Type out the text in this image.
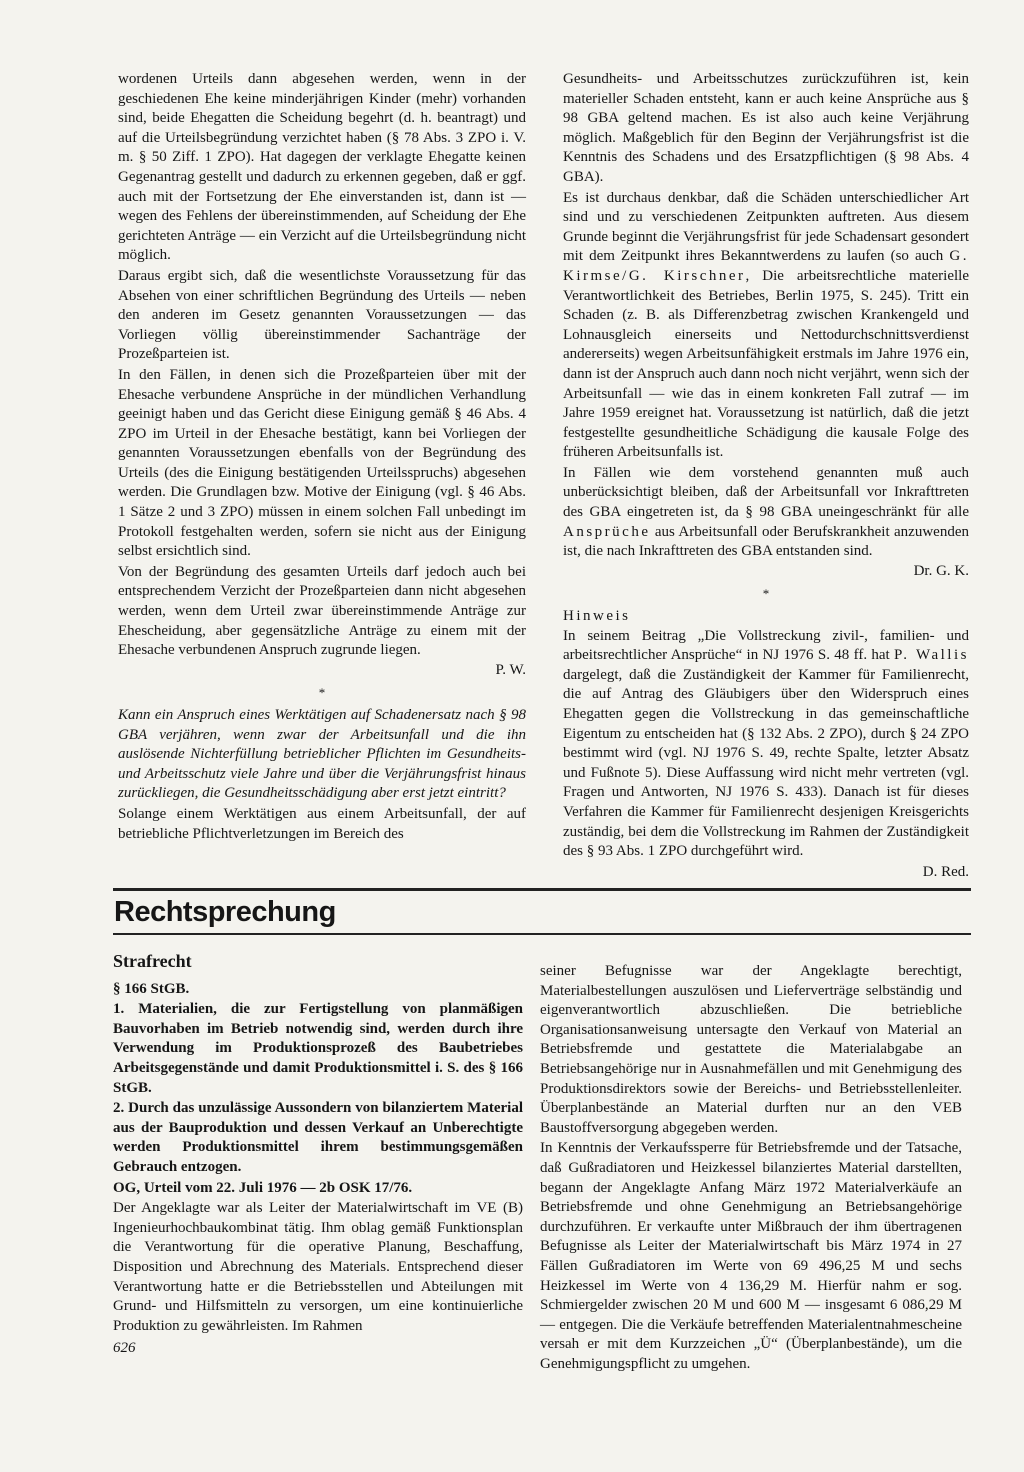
wordenen Urteils dann abgesehen werden, wenn in der geschiedenen Ehe keine minderjährigen Kinder (mehr) vorhanden sind, beide Ehegatten die Scheidung begehrt (d. h. beantragt) und auf die Urteilsbegründung verzichtet haben (§ 78 Abs. 3 ZPO i. V. m. § 50 Ziff. 1 ZPO). Hat dagegen der verklagte Ehegatte keinen Gegenantrag gestellt und dadurch zu erkennen gegeben, daß er ggf. auch mit der Fortsetzung der Ehe einverstanden ist, dann ist — wegen des Fehlens der übereinstimmenden, auf Scheidung der Ehe gerichteten Anträge — ein Verzicht auf die Urteilsbegründung nicht möglich.

Daraus ergibt sich, daß die wesentlichste Voraussetzung für das Absehen von einer schriftlichen Begründung des Urteils — neben den anderen im Gesetz genannten Voraussetzungen — das Vorliegen völlig übereinstimmender Sachanträge der Prozeßparteien ist.

In den Fällen, in denen sich die Prozeßparteien über mit der Ehesache verbundene Ansprüche in der mündlichen Verhandlung geeinigt haben und das Gericht diese Einigung gemäß § 46 Abs. 4 ZPO im Urteil in der Ehesache bestätigt, kann bei Vorliegen der genannten Voraussetzungen ebenfalls von der Begründung des Urteils (des die Einigung bestätigenden Urteilsspruchs) abgesehen werden. Die Grundlagen bzw. Motive der Einigung (vgl. § 46 Abs. 1 Sätze 2 und 3 ZPO) müssen in einem solchen Fall unbedingt im Protokoll festgehalten werden, sofern sie nicht aus der Einigung selbst ersichtlich sind.

Von der Begründung des gesamten Urteils darf jedoch auch bei entsprechendem Verzicht der Prozeßparteien dann nicht abgesehen werden, wenn dem Urteil zwar übereinstimmende Anträge zur Ehescheidung, aber gegensätzliche Anträge zu einem mit der Ehesache verbundenen Anspruch zugrunde liegen.
P. W.

*

Kann ein Anspruch eines Werktätigen auf Schadenersatz nach § 98 GBA verjähren, wenn zwar der Arbeitsunfall und die ihn auslösende Nichterfüllung betrieblicher Pflichten im Gesundheits- und Arbeitsschutz viele Jahre und über die Verjährungsfrist hinaus zurückliegen, die Gesundheitsschädigung aber erst jetzt eintritt?

Solange einem Werktätigen aus einem Arbeitsunfall, der auf betriebliche Pflichtverletzungen im Bereich des

Gesundheits- und Arbeitsschutzes zurückzuführen ist, kein materieller Schaden entsteht, kann er auch keine Ansprüche aus § 98 GBA geltend machen. Es ist also auch keine Verjährung möglich. Maßgeblich für den Beginn der Verjährungsfrist ist die Kenntnis des Schadens und des Ersatzpflichtigen (§ 98 Abs. 4 GBA).

Es ist durchaus denkbar, daß die Schäden unterschiedlicher Art sind und zu verschiedenen Zeitpunkten auftreten. Aus diesem Grunde beginnt die Verjährungsfrist für jede Schadensart gesondert mit dem Zeitpunkt ihres Bekanntwerdens zu laufen (so auch G. Kirmse/G. Kirschner, Die arbeitsrechtliche materielle Verantwortlichkeit des Betriebes, Berlin 1975, S. 245). Tritt ein Schaden (z. B. als Differenzbetrag zwischen Krankengeld und Lohnausgleich einerseits und Nettodurchschnittsverdienst andererseits) wegen Arbeitsunfähigkeit erstmals im Jahre 1976 ein, dann ist der Anspruch auch dann noch nicht verjährt, wenn sich der Arbeitsunfall — wie das in einem konkreten Fall zutraf — im Jahre 1959 ereignet hat. Voraussetzung ist natürlich, daß die jetzt festgestellte gesundheitliche Schädigung die kausale Folge des früheren Arbeitsunfalls ist.

In Fällen wie dem vorstehend genannten muß auch unberücksichtigt bleiben, daß der Arbeitsunfall vor Inkrafttreten des GBA eingetreten ist, da § 98 GBA uneingeschränkt für alle Ansprüche aus Arbeitsunfall oder Berufskrankheit anzuwenden ist, die nach Inkrafttreten des GBA entstanden sind.
Dr. G. K.

*
Hinweis

In seinem Beitrag „Die Vollstreckung zivil-, familien- und arbeitsrechtlicher Ansprüche“ in NJ 1976 S. 48 ff. hat P. Wallis dargelegt, daß die Zuständigkeit der Kammer für Familienrecht, die auf Antrag des Gläubigers über den Widerspruch eines Ehegatten gegen die Vollstreckung in das gemeinschaftliche Eigentum zu entscheiden hat (§ 132 Abs. 2 ZPO), durch § 24 ZPO bestimmt wird (vgl. NJ 1976 S. 49, rechte Spalte, letzter Absatz und Fußnote 5). Diese Auffassung wird nicht mehr vertreten (vgl. Fragen und Antworten, NJ 1976 S. 433). Danach ist für dieses Verfahren die Kammer für Familienrecht desjenigen Kreisgerichts zuständig, bei dem die Vollstreckung im Rahmen der Zuständigkeit des § 93 Abs. 1 ZPO durchgeführt wird.

D. Red.
Rechtsprechung
Strafrecht

§ 166 StGB.

1. Materialien, die zur Fertigstellung von planmäßigen Bauvorhaben im Betrieb notwendig sind, werden durch ihre Verwendung im Produktionsprozeß des Baubetriebes Arbeitsgegenstände und damit Produktionsmittel i. S. des § 166 StGB.

2. Durch das unzulässige Aussondern von bilanziertem Material aus der Bauproduktion und dessen Verkauf an Unberechtigte werden Produktionsmittel ihrem bestimmungsgemäßen Gebrauch entzogen.

OG, Urteil vom 22. Juli 1976 — 2b OSK 17/76.

Der Angeklagte war als Leiter der Materialwirtschaft im VE (B) Ingenieurhochbaukombinat tätig. Ihm oblag gemäß Funktionsplan die Verantwortung für die operative Planung, Beschaffung, Disposition und Abrechnung des Materials. Entsprechend dieser Verantwortung hatte er die Betriebsstellen und Abteilungen mit Grund- und Hilfsmitteln zu versorgen, um eine kontinuierliche Produktion zu gewährleisten. Im Rahmen

seiner Befugnisse war der Angeklagte berechtigt, Materialbestellungen auszulösen und Lieferverträge selbständig und eigenverantwortlich abzuschließen. Die betriebliche Organisationsanweisung untersagte den Verkauf von Material an Betriebsfremde und gestattete die Materialabgabe an Betriebsangehörige nur in Ausnahmefällen und mit Genehmigung des Produktionsdirektors sowie der Bereichs- und Betriebsstellenleiter. Überplanbestände an Material durften nur an den VEB Baustoffversorgung abgegeben werden.

In Kenntnis der Verkaufssperre für Betriebsfremde und der Tatsache, daß Gußradiatoren und Heizkessel bilanziertes Material darstellten, begann der Angeklagte Anfang März 1972 Materialverkäufe an Betriebsfremde und ohne Genehmigung an Betriebsangehörige durchzuführen. Er verkaufte unter Mißbrauch der ihm übertragenen Befugnisse als Leiter der Materialwirtschaft bis März 1974 in 27 Fällen Gußradiatoren im Werte von 69 496,25 M und sechs Heizkessel im Werte von 4 136,29 M. Hierfür nahm er sog. Schmiergelder zwischen 20 M und 600 M — insgesamt 6 086,29 M — entgegen. Die die Verkäufe betreffenden Materialentnahmescheine versah er mit dem Kurzzeichen „Ü“ (Überplanbestände), um die Genehmigungspflicht zu umgehen.

626
